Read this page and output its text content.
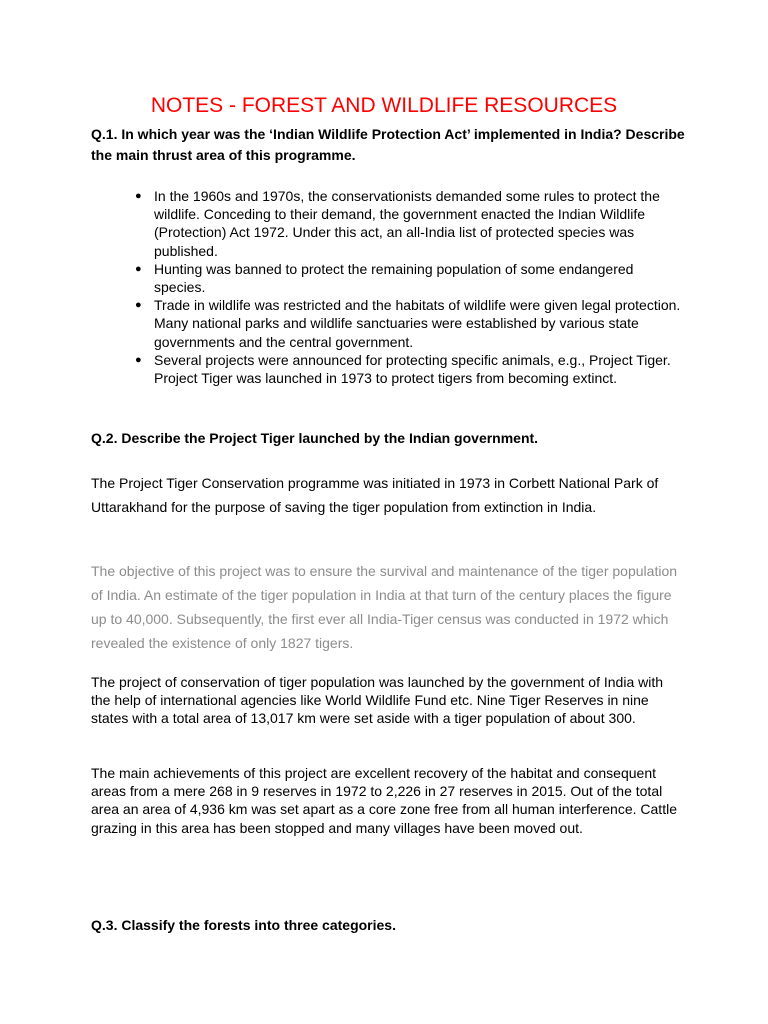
NOTES - FOREST AND WILDLIFE RESOURCES

Q.1. In which year was the ‘Indian Wildlife Protection Act’ implemented in India? Describe the main thrust area of this programme.

● In the 1960s and 1970s, the conservationists demanded some rules to protect the wildlife. Conceding to their demand, the government enacted the Indian Wildlife (Protection) Act 1972. Under this act, an all-India list of protected species was published.
● Hunting was banned to protect the remaining population of some endangered species.
● Trade in wildlife was restricted and the habitats of wildlife were given legal protection. Many national parks and wildlife sanctuaries were established by various state governments and the central government.
● Several projects were announced for protecting specific animals, e.g., Project Tiger. Project Tiger was launched in 1973 to protect tigers from becoming extinct.

Q.2. Describe the Project Tiger launched by the Indian government.

The Project Tiger Conservation programme was initiated in 1973 in Corbett National Park of Uttarakhand for the purpose of saving the tiger population from extinction in India.

The objective of this project was to ensure the survival and maintenance of the tiger population of India. An estimate of the tiger population in India at that turn of the century places the figure up to 40,000. Subsequently, the first ever all India-Tiger census was conducted in 1972 which revealed the existence of only 1827 tigers.

The project of conservation of tiger population was launched by the government of India with the help of international agencies like World Wildlife Fund etc. Nine Tiger Reserves in nine states with a total area of 13,017 km were set aside with a tiger population of about 300.

The main achievements of this project are excellent recovery of the habitat and consequent areas from a mere 268 in 9 reserves in 1972 to 2,226 in 27 reserves in 2015. Out of the total area an area of 4,936 km was set apart as a core zone free from all human interference. Cattle grazing in this area has been stopped and many villages have been moved out.

Q.3. Classify the forests into three categories.
